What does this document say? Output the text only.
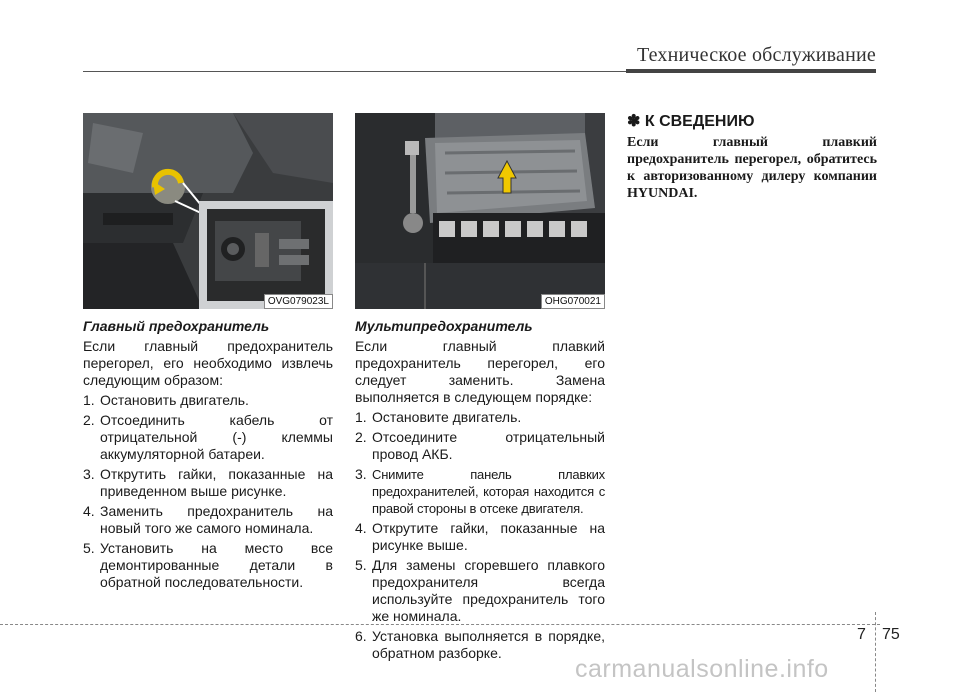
Техническое обслуживание
OVG079023L	OHG070021
Главный предохранитель

Если главный предохранитель перегорел, его необходимо извлечь следующим образом:

1. Остановить двигатель.
2. Отсоединить кабель от отрицательной (-) клеммы аккумуляторной батареи.
3. Открутить гайки, показанные на приведенном выше рисунке.
4. Заменить предохранитель на новый того же самого номинала.
5. Установить на место все демонтированные детали в обратной последовательности.
Мультипредохранитель

Если главный плавкий предохранитель перегорел, его следует заменить. Замена выполняется в следующем порядке:

1. Остановите двигатель.
2. Отсоедините отрицательный провод АКБ.
3. Снимите панель плавких предохранителей, которая находится с правой стороны в отсеке двигателя.
4. Открутите гайки, показанные на рисунке выше.
5. Для замены сгоревшего плавкого предохранителя всегда используйте предохранитель того же номинала.
6. Установка выполняется в порядке, обратном разборке.
✽ К СВЕДЕНИЮ
Если главный плавкий предохранитель перегорел, обратитесь к авторизованному дилеру компании HYUNDAI.
7 75
carmanualsonline.info
